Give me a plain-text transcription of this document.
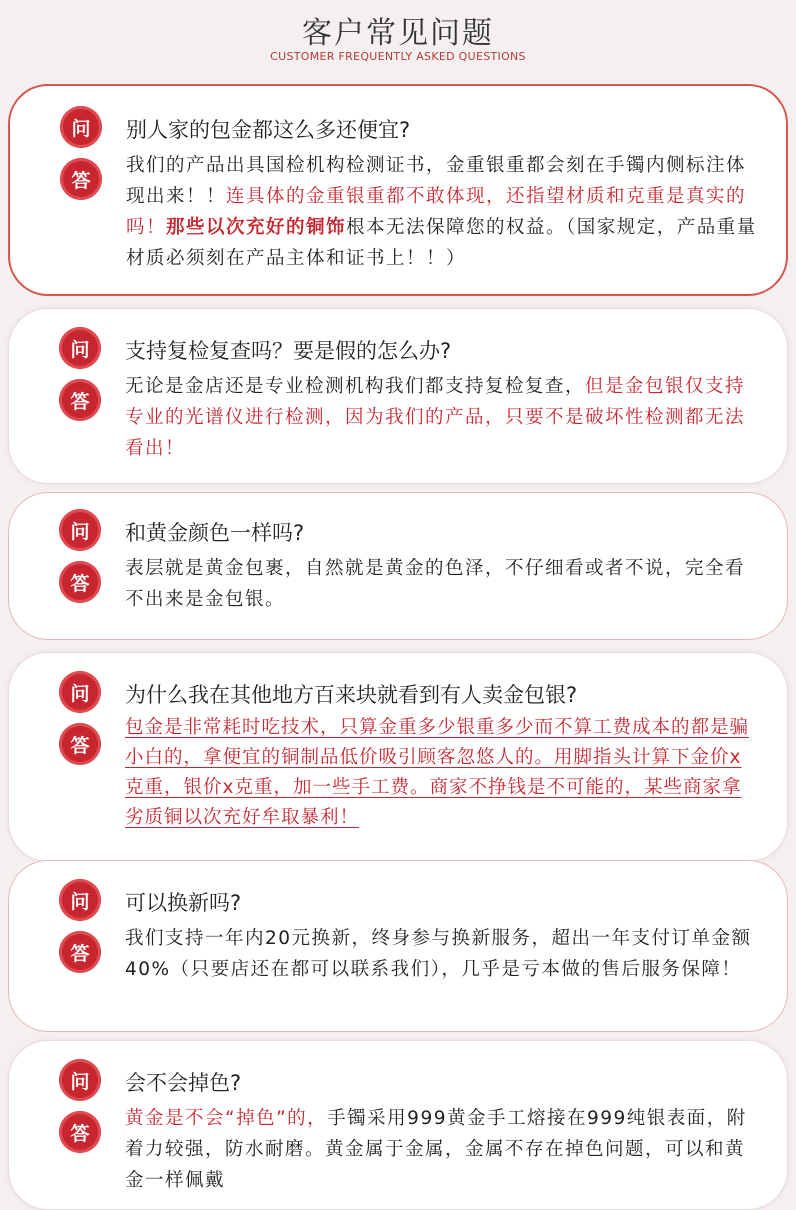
客户常见问题
CUSTOMER FREQUENTLY ASKED QUESTIONS
问	别人家的包金都这么多还便宜?
答
我们的产品出具国检机构检测证书，金重银重都会刻在手镯内侧标注体现出来！！连具体的金重银重都不敢体现，还指望材质和克重是真实的吗！那些以次充好的铜饰根本无法保障您的权益。（国家规定，产品重量材质必须刻在产品主体和证书上！！）
问	支持复检复查吗？要是假的怎么办?
答
无论是金店还是专业检测机构我们都支持复检复查，但是金包银仅支持专业的光谱仪进行检测，因为我们的产品，只要不是破坏性检测都无法看出！
问	和黄金颜色一样吗?
答
表层就是黄金包裹，自然就是黄金的色泽，不仔细看或者不说，完全看不出来是金包银。
问	为什么我在其他地方百来块就看到有人卖金包银?
答
包金是非常耗时吃技术，只算金重多少银重多少而不算工费成本的都是骗小白的，拿便宜的铜制品低价吸引顾客忽悠人的。用脚指头计算下金价x克重，银价x克重，加一些手工费。商家不挣钱是不可能的，某些商家拿劣质铜以次充好牟取暴利！
问	可以换新吗?
答
我们支持一年内20元换新，终身参与换新服务，超出一年支付订单金额40%（只要店还在都可以联系我们），几乎是亏本做的售后服务保障！
问	会不会掉色?
答
黄金是不会“掉色”的，手镯采用999黄金手工熔接在999纯银表面，附着力较强，防水耐磨。黄金属于金属，金属不存在掉色问题，可以和黄金一样佩戴
